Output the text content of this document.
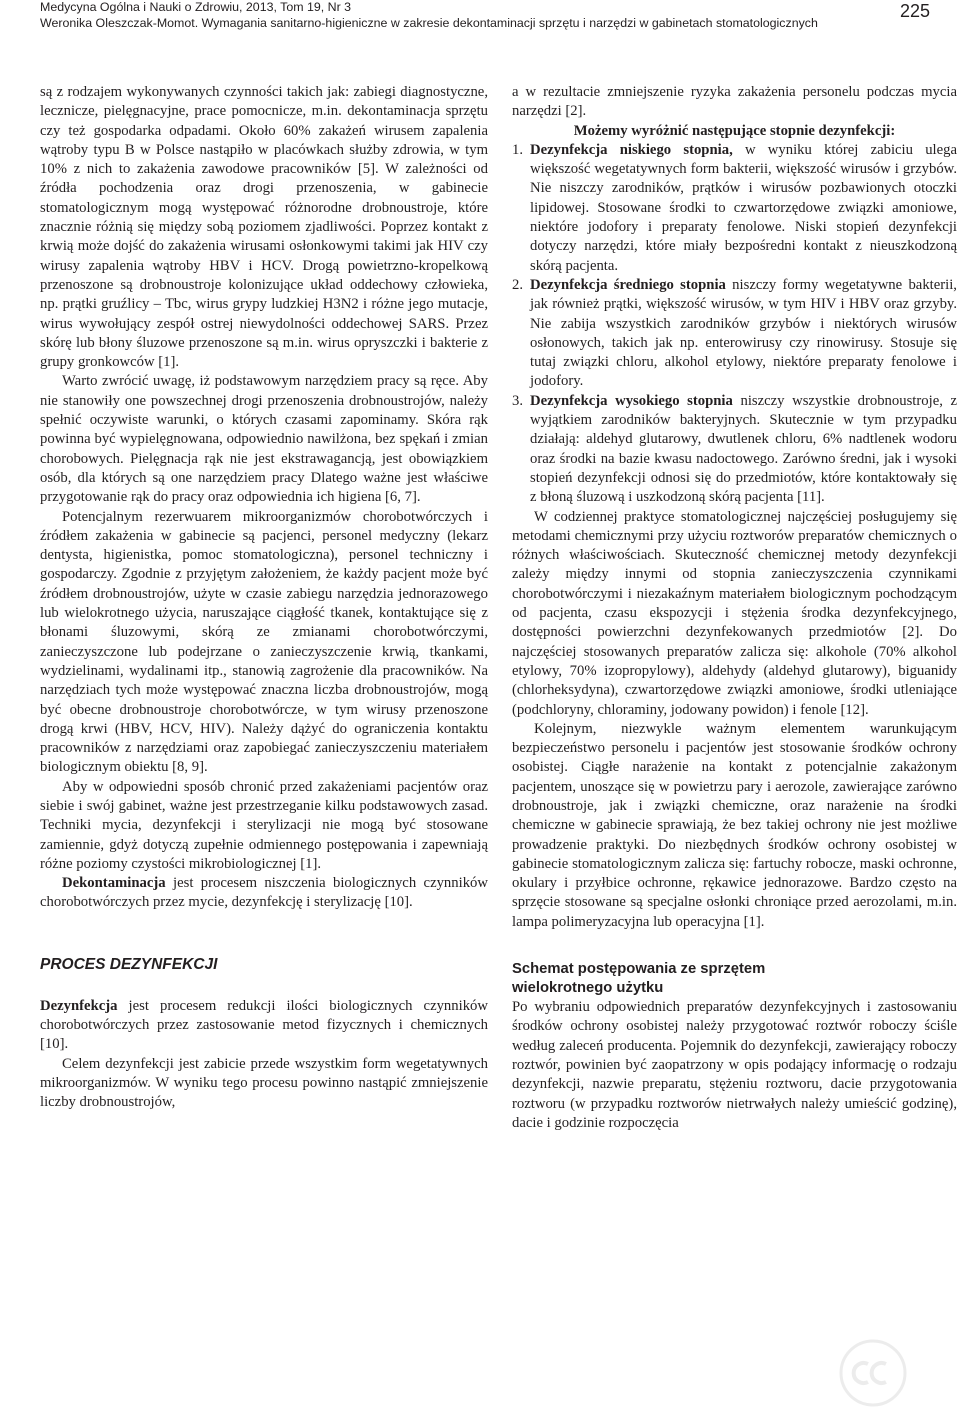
Medycyna Ogólna i Nauki o Zdrowiu, 2013, Tom 19, Nr 3
Weronika Oleszczak-Momot. Wymagania sanitarno-higieniczne w zakresie dekontaminacji sprzętu i narzędzi w gabinetach stomatologicznych
225

są z rodzajem wykonywanych czynności takich jak: zabiegi diagnostyczne, lecznicze, pielęgnacyjne, prace pomocnicze, m.in. dekontaminacja sprzętu czy też gospodarka odpadami. Około 60% zakażeń wirusem zapalenia wątroby typu B w Polsce nastąpiło w placówkach służby zdrowia, w tym 10% z nich to zakażenia zawodowe pracowników [5]. W zależności od źródła pochodzenia oraz drogi przenoszenia, w gabinecie stomatologicznym mogą występować różnorodne drobnoustroje, które znacznie różnią się między sobą poziomem zjadliwości. Poprzez kontakt z krwią może dojść do zakażenia wirusami osłonkowymi takimi jak HIV czy wirusy zapalenia wątroby HBV i HCV. Drogą powietrzno-kropelkową przenoszone są drobnoustroje kolonizujące układ oddechowy człowieka, np. prątki gruźlicy – Tbc, wirus grypy ludzkiej H3N2 i różne jego mutacje, wirus wywołujący zespół ostrej niewydolności oddechowej SARS. Przez skórę lub błony śluzowe przenoszone są m.in. wirus opryszczki i bakterie z grupy gronkowców [1].

Warto zwrócić uwagę, iż podstawowym narzędziem pracy są ręce. Aby nie stanowiły one powszechnej drogi przenoszenia drobnoustrojów, należy spełnić oczywiste warunki, o których czasami zapominamy. Skóra rąk powinna być wypielęgnowana, odpowiednio nawilżona, bez spękań i zmian chorobowych. Pielęgnacja rąk nie jest ekstrawagancją, jest obowiązkiem osób, dla których są one narzędziem pracy Dlatego ważne jest właściwe przygotowanie rąk do pracy oraz odpowiednia ich higiena [6, 7].

Potencjalnym rezerwuarem mikroorganizmów chorobotwórczych i źródłem zakażenia w gabinecie są pacjenci, personel medyczny (lekarz dentysta, higienistka, pomoc stomatologiczna), personel techniczny i gospodarczy. Zgodnie z przyjętym założeniem, że każdy pacjent może być źródłem drobnoustrojów, użyte w czasie zabiegu narzędzia jednorazowego lub wielokrotnego użycia, naruszające ciągłość tkanek, kontaktujące się z błonami śluzowymi, skórą ze zmianami chorobotwórczymi, zanieczyszczone lub podejrzane o zanieczyszczenie krwią, tkankami, wydzielinami, wydalinami itp., stanowią zagrożenie dla pracowników. Na narzędziach tych może występować znaczna liczba drobnoustrojów, mogą być obecne drobnoustroje chorobotwórcze, w tym wirusy przenoszone drogą krwi (HBV, HCV, HIV). Należy dążyć do ograniczenia kontaktu pracowników z narzędziami oraz zapobiegać zanieczyszczeniu materiałem biologicznym obiektu [8, 9].

Aby w odpowiedni sposób chronić przed zakażeniami pacjentów oraz siebie i swój gabinet, ważne jest przestrzeganie kilku podstawowych zasad. Techniki mycia, dezynfekcji i sterylizacji nie mogą być stosowane zamiennie, gdyż dotyczą zupełnie odmiennego postępowania i zapewniają różne poziomy czystości mikrobiologicznej [1].

Dekontaminacja jest procesem niszczenia biologicznych czynników chorobotwórczych przez mycie, dezynfekcję i sterylizację [10].

PROCES DEZYNFEKCJI

Dezynfekcja jest procesem redukcji ilości biologicznych czynników chorobotwórczych przez zastosowanie metod fizycznych i chemicznych [10].

Celem dezynfekcji jest zabicie przede wszystkim form wegetatywnych mikroorganizmów. W wyniku tego procesu powinno nastąpić zmniejszenie liczby drobnoustrojów,

a w rezultacie zmniejszenie ryzyka zakażenia personelu podczas mycia narzędzi [2].

Możemy wyróżnić następujące stopnie dezynfekcji:

1. Dezynfekcja niskiego stopnia, w wyniku której zabiciu ulega większość wegetatywnych form bakterii, większość wirusów i grzybów. Nie niszczy zarodników, prątków i wirusów pozbawionych otoczki lipidowej. Stosowane środki to czwartorzędowe związki amoniowe, niektóre jodofory i preparaty fenolowe. Niski stopień dezynfekcji dotyczy narzędzi, które miały bezpośredni kontakt z nieuszkodzoną skórą pacjenta.
2. Dezynfekcja średniego stopnia niszczy formy wegetatywne bakterii, jak również prątki, większość wirusów, w tym HIV i HBV oraz grzyby. Nie zabija wszystkich zarodników grzybów i niektórych wirusów osłonowych, takich jak np. enterowirusy czy rinowirusy. Stosuje się tutaj związki chloru, alkohol etylowy, niektóre preparaty fenolowe i jodofory.
3. Dezynfekcja wysokiego stopnia niszczy wszystkie drobnoustroje, z wyjątkiem zarodników bakteryjnych. Skutecznie w tym przypadku działają: aldehyd glutarowy, dwutlenek chloru, 6% nadtlenek wodoru oraz środki na bazie kwasu nadoctowego. Zarówno średni, jak i wysoki stopień dezynfekcji odnosi się do przedmiotów, które kontaktowały się z błoną śluzową i uszkodzoną skórą pacjenta [11].

W codziennej praktyce stomatologicznej najczęściej posługujemy się metodami chemicznymi przy użyciu roztworów preparatów chemicznych o różnych właściwościach. Skuteczność chemicznej metody dezynfekcji zależy między innymi od stopnia zanieczyszczenia czynnikami chorobotwórczymi i niezakaźnym materiałem biologicznym pochodzącym od pacjenta, czasu ekspozycji i stężenia środka dezynfekcyjnego, dostępności powierzchni dezynfekowanych przedmiotów [2]. Do najczęściej stosowanych preparatów zalicza się: alkohole (70% alkohol etylowy, 70% izopropylowy), aldehydy (aldehyd glutarowy), biguanidy (chlorheksydyna), czwartorzędowe związki amoniowe, środki utleniające (podchloryny, chloraminy, jodowany powidon) i fenole [12].

Kolejnym, niezwykle ważnym elementem warunkującym bezpieczeństwo personelu i pacjentów jest stosowanie środków ochrony osobistej. Ciągłe narażenie na kontakt z potencjalnie zakażonym pacjentem, unoszące się w powietrzu pary i aerozole, zawierające zarówno drobnoustroje, jak i związki chemiczne, oraz narażenie na środki chemiczne w gabinecie sprawiają, że bez takiej ochrony nie jest możliwe prowadzenie praktyki. Do niezbędnych środków ochrony osobistej w gabinecie stomatologicznym zalicza się: fartuchy robocze, maski ochronne, okulary i przyłbice ochronne, rękawice jednorazowe. Bardzo często na sprzęcie stosowane są specjalne osłonki chroniące przed aerozolami, m.in. lampa polimeryzacyjna lub operacyjna [1].

Schemat postępowania ze sprzętem
wielokrotnego użytku

Po wybraniu odpowiednich preparatów dezynfekcyjnych i zastosowaniu środków ochrony osobistej należy przygotować roztwór roboczy ściśle według zaleceń producenta. Pojemnik do dezynfekcji, zawierający roboczy roztwór, powinien być zaopatrzony w opis podający informację o rodzaju dezynfekcji, nazwie preparatu, stężeniu roztworu, dacie przygotowania roztworu (w przypadku roztworów nietrwałych należy umieścić godzinę), dacie i godzinie rozpoczęcia
